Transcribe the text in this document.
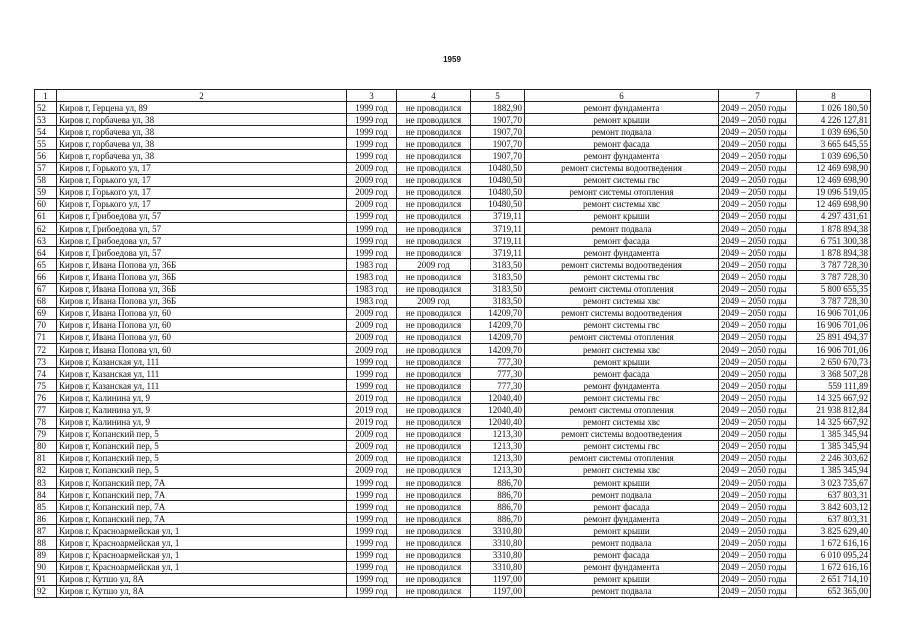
1959
1	2	3	4	5	6	7	8
52	Киров г, Герцена ул, 89	1999 год	не проводился	1882,90	ремонт фундамента	2049 – 2050 годы	1 026 180,50
53	Киров г, горбачева ул, 38	1999 год	не проводился	1907,70	ремонт крыши	2049 – 2050 годы	4 226 127,81
54	Киров г, горбачева ул, 38	1999 год	не проводился	1907,70	ремонт подвала	2049 – 2050 годы	1 039 696,50
55	Киров г, горбачева ул, 38	1999 год	не проводился	1907,70	ремонт фасада	2049 – 2050 годы	3 665 645,55
56	Киров г, горбачева ул, 38	1999 год	не проводился	1907,70	ремонт фундамента	2049 – 2050 годы	1 039 696,50
57	Киров г, Горького ул, 17	2009 год	не проводился	10480,50	ремонт системы водоотведения	2049 – 2050 годы	12 469 698,90
58	Киров г, Горького ул, 17	2009 год	не проводился	10480,50	ремонт системы гвс	2049 – 2050 годы	12 469 698,90
59	Киров г, Горького ул, 17	2009 год	не проводился	10480,50	ремонт системы отопления	2049 – 2050 годы	19 096 519,05
60	Киров г, Горького ул, 17	2009 год	не проводился	10480,50	ремонт системы хвс	2049 – 2050 годы	12 469 698,90
61	Киров г, Грибоедова ул, 57	1999 год	не проводился	3719,11	ремонт крыши	2049 – 2050 годы	4 297 431,61
62	Киров г, Грибоедова ул, 57	1999 год	не проводился	3719,11	ремонт подвала	2049 – 2050 годы	1 878 894,38
63	Киров г, Грибоедова ул, 57	1999 год	не проводился	3719,11	ремонт фасада	2049 – 2050 годы	6 751 300,38
64	Киров г, Грибоедова ул, 57	1999 год	не проводился	3719,11	ремонт фундамента	2049 – 2050 годы	1 878 894,38
65	Киров г, Ивана Попова ул, 36Б	1983 год	2009 год	3183,50	ремонт системы водоотведения	2049 – 2050 годы	3 787 728,30
66	Киров г, Ивана Попова ул, 36Б	1983 год	не проводился	3183,50	ремонт системы гвс	2049 – 2050 годы	3 787 728,30
67	Киров г, Ивана Попова ул, 36Б	1983 год	не проводился	3183,50	ремонт системы отопления	2049 – 2050 годы	5 800 655,35
68	Киров г, Ивана Попова ул, 36Б	1983 год	2009 год	3183,50	ремонт системы хвс	2049 – 2050 годы	3 787 728,30
69	Киров г, Ивана Попова ул, 60	2009 год	не проводился	14209,70	ремонт системы водоотведения	2049 – 2050 годы	16 906 701,06
70	Киров г, Ивана Попова ул, 60	2009 год	не проводился	14209,70	ремонт системы гвс	2049 – 2050 годы	16 906 701,06
71	Киров г, Ивана Попова ул, 60	2009 год	не проводился	14209,70	ремонт системы отопления	2049 – 2050 годы	25 891 494,37
72	Киров г, Ивана Попова ул, 60	2009 год	не проводился	14209,70	ремонт системы хвс	2049 – 2050 годы	16 906 701,06
73	Киров г, Казанская ул, 111	1999 год	не проводился	777,30	ремонт крыши	2049 – 2050 годы	2 650 670,73
74	Киров г, Казанская ул, 111	1999 год	не проводился	777,30	ремонт фасада	2049 – 2050 годы	3 368 507,28
75	Киров г, Казанская ул, 111	1999 год	не проводился	777,30	ремонт фундамента	2049 – 2050 годы	559 111,89
76	Киров г, Калинина ул, 9	2019 год	не проводился	12040,40	ремонт системы гвс	2049 – 2050 годы	14 325 667,92
77	Киров г, Калинина ул, 9	2019 год	не проводился	12040,40	ремонт системы отопления	2049 – 2050 годы	21 938 812,84
78	Киров г, Калинина ул, 9	2019 год	не проводился	12040,40	ремонт системы хвс	2049 – 2050 годы	14 325 667,92
79	Киров г, Копанский пер, 5	2009 год	не проводился	1213,30	ремонт системы водоотведения	2049 – 2050 годы	1 385 345,94
80	Киров г, Копанский пер, 5	2009 год	не проводился	1213,30	ремонт системы гвс	2049 – 2050 годы	1 385 345,94
81	Киров г, Копанский пер, 5	2009 год	не проводился	1213,30	ремонт системы отопления	2049 – 2050 годы	2 246 303,62
82	Киров г, Копанский пер, 5	2009 год	не проводился	1213,30	ремонт системы хвс	2049 – 2050 годы	1 385 345,94
83	Киров г, Копанский пер, 7А	1999 год	не проводился	886,70	ремонт крыши	2049 – 2050 годы	3 023 735,67
84	Киров г, Копанский пер, 7А	1999 год	не проводился	886,70	ремонт подвала	2049 – 2050 годы	637 803,31
85	Киров г, Копанский пер, 7А	1999 год	не проводился	886,70	ремонт фасада	2049 – 2050 годы	3 842 603,12
86	Киров г, Копанский пер, 7А	1999 год	не проводился	886,70	ремонт фундамента	2049 – 2050 годы	637 803,31
87	Киров г, Красноармейская ул, 1	1999 год	не проводился	3310,80	ремонт крыши	2049 – 2050 годы	3 825 629,40
88	Киров г, Красноармейская ул, 1	1999 год	не проводился	3310,80	ремонт подвала	2049 – 2050 годы	1 672 616,16
89	Киров г, Красноармейская ул, 1	1999 год	не проводился	3310,80	ремонт фасада	2049 – 2050 годы	6 010 095,24
90	Киров г, Красноармейская ул, 1	1999 год	не проводился	3310,80	ремонт фундамента	2049 – 2050 годы	1 672 616,16
91	Киров г, Кутшо ул, 8А	1999 год	не проводился	1197,00	ремонт крыши	2049 – 2050 годы	2 651 714,10
92	Киров г, Кутшо ул, 8А	1999 год	не проводился	1197,00	ремонт подвала	2049 – 2050 годы	652 365,00
